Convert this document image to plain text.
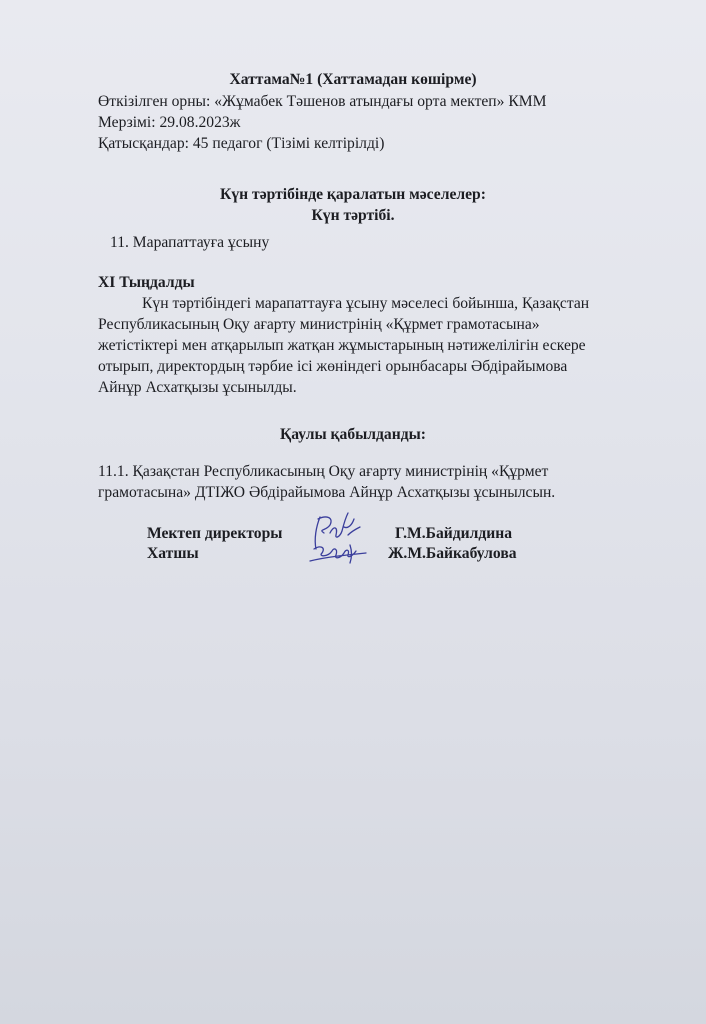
Хаттама№1 (Хаттамадан көшірме)
Өткізілген орны: «Жұмабек Тәшенов атындағы орта мектеп» КММ
Мерзімі: 29.08.2023ж
Қатысқандар: 45 педагог (Тізімі келтірілді)
Күн тәртібінде қаралатын мәселелер:
Күн тәртібі.
11. Марапаттауға ұсыну
XI Тыңдалды
Күн тәртібіндегі марапаттауға ұсыну мәселесі бойынша, Қазақстан
Республикасының Оқу ағарту министрінің «Құрмет грамотасына»
жетістіктері мен атқарылып жатқан жұмыстарының нәтижелілігін ескере
отырып, директордың тәрбие ісі жөніндегі орынбасары Әбдірайымова
Айнұр Асхатқызы ұсынылды.
Қаулы қабылданды:
11.1. Қазақстан Республикасының Оқу ағарту министрінің «Құрмет
грамотасына» ДТІЖО Әбдірайымова Айнұр Асхатқызы ұсынылсын.
Мектеп директоры	Г.М.Байдилдина
Хатшы	Ж.М.Байкабулова
